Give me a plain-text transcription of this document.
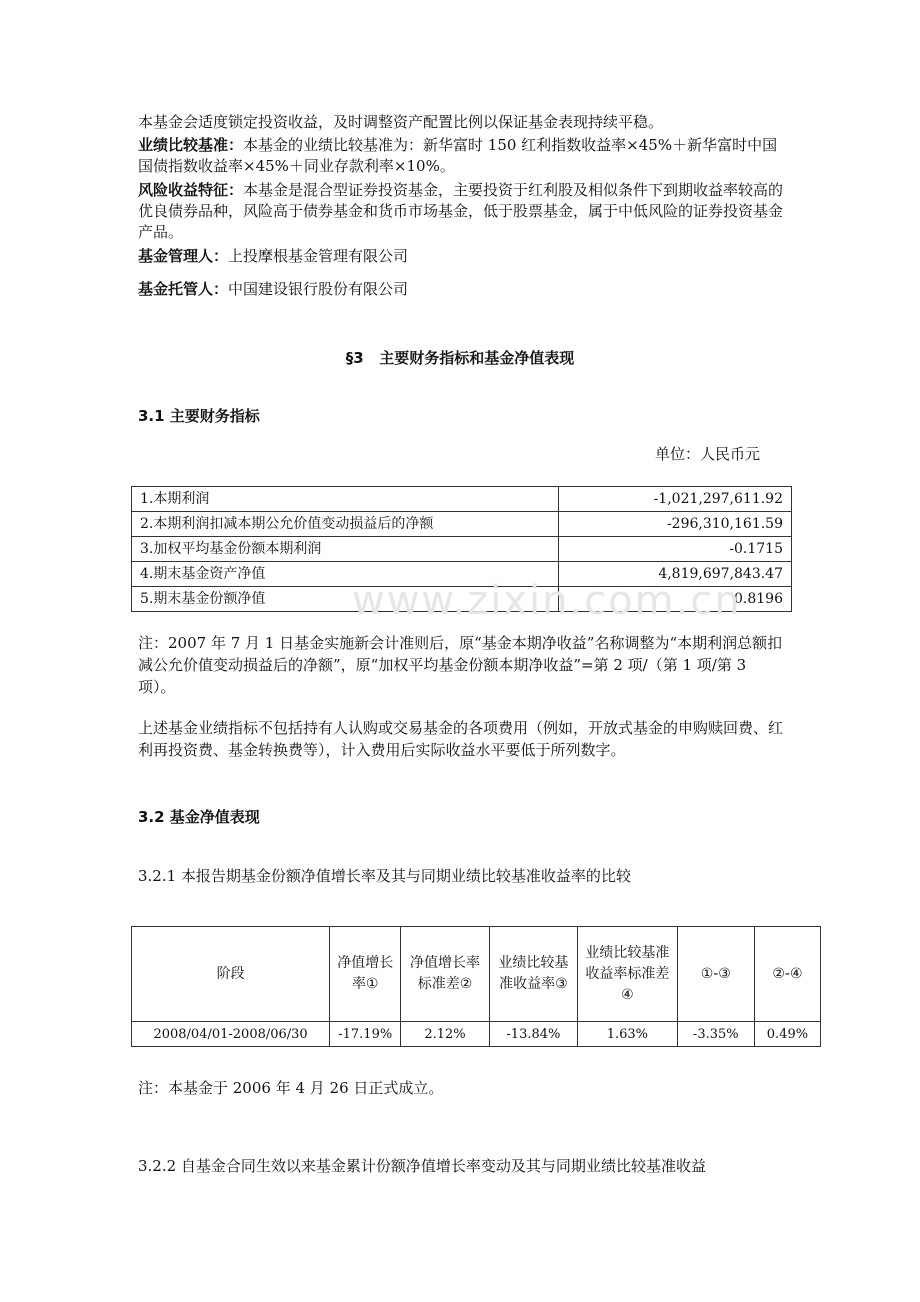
本基金会适度锁定投资收益，及时调整资产配置比例以保证基金表现持续平稳。

业绩比较基准：本基金的业绩比较基准为：新华富时 150 红利指数收益率×45%＋新华富时中国国债指数收益率×45%＋同业存款利率×10%。

风险收益特征：本基金是混合型证券投资基金，主要投资于红利股及相似条件下到期收益率较高的优良债券品种，风险高于债券基金和货币市场基金，低于股票基金，属于中低风险的证券投资基金产品。

基金管理人：上投摩根基金管理有限公司

基金托管人：中国建设银行股份有限公司

§3   主要财务指标和基金净值表现
3.1 主要财务指标
单位：人民币元
1.本期利润	-1,021,297,611.92
2.本期利润扣减本期公允价值变动损益后的净额	-296,310,161.59
3.加权平均基金份额本期利润	-0.1715
4.期末基金资产净值	4,819,697,843.47
5.期末基金份额净值	0.8196
www.zixin.com.cn

注：2007 年 7 月 1 日基金实施新会计准则后，原“基金本期净收益”名称调整为“本期利润总额扣减公允价值变动损益后的净额”，原“加权平均基金份额本期净收益”=第 2 项/（第 1 项/第 3 项）。

上述基金业绩指标不包括持有人认购或交易基金的各项费用（例如，开放式基金的申购赎回费、红利再投资费、基金转换费等），计入费用后实际收益水平要低于所列数字。

3.2 基金净值表现
3.2.1 本报告期基金份额净值增长率及其与同期业绩比较基准收益率的比较
阶段	净值增长率①	净值增长率标准差②	业绩比较基准收益率③	业绩比较基准收益率标准差④	①-③	②-④
2008/04/01-2008/06/30	-17.19%	2.12%	-13.84%	1.63%	-3.35%	0.49%

注：本基金于 2006 年 4 月 26 日正式成立。

3.2.2 自基金合同生效以来基金累计份额净值增长率变动及其与同期业绩比较基准收益
